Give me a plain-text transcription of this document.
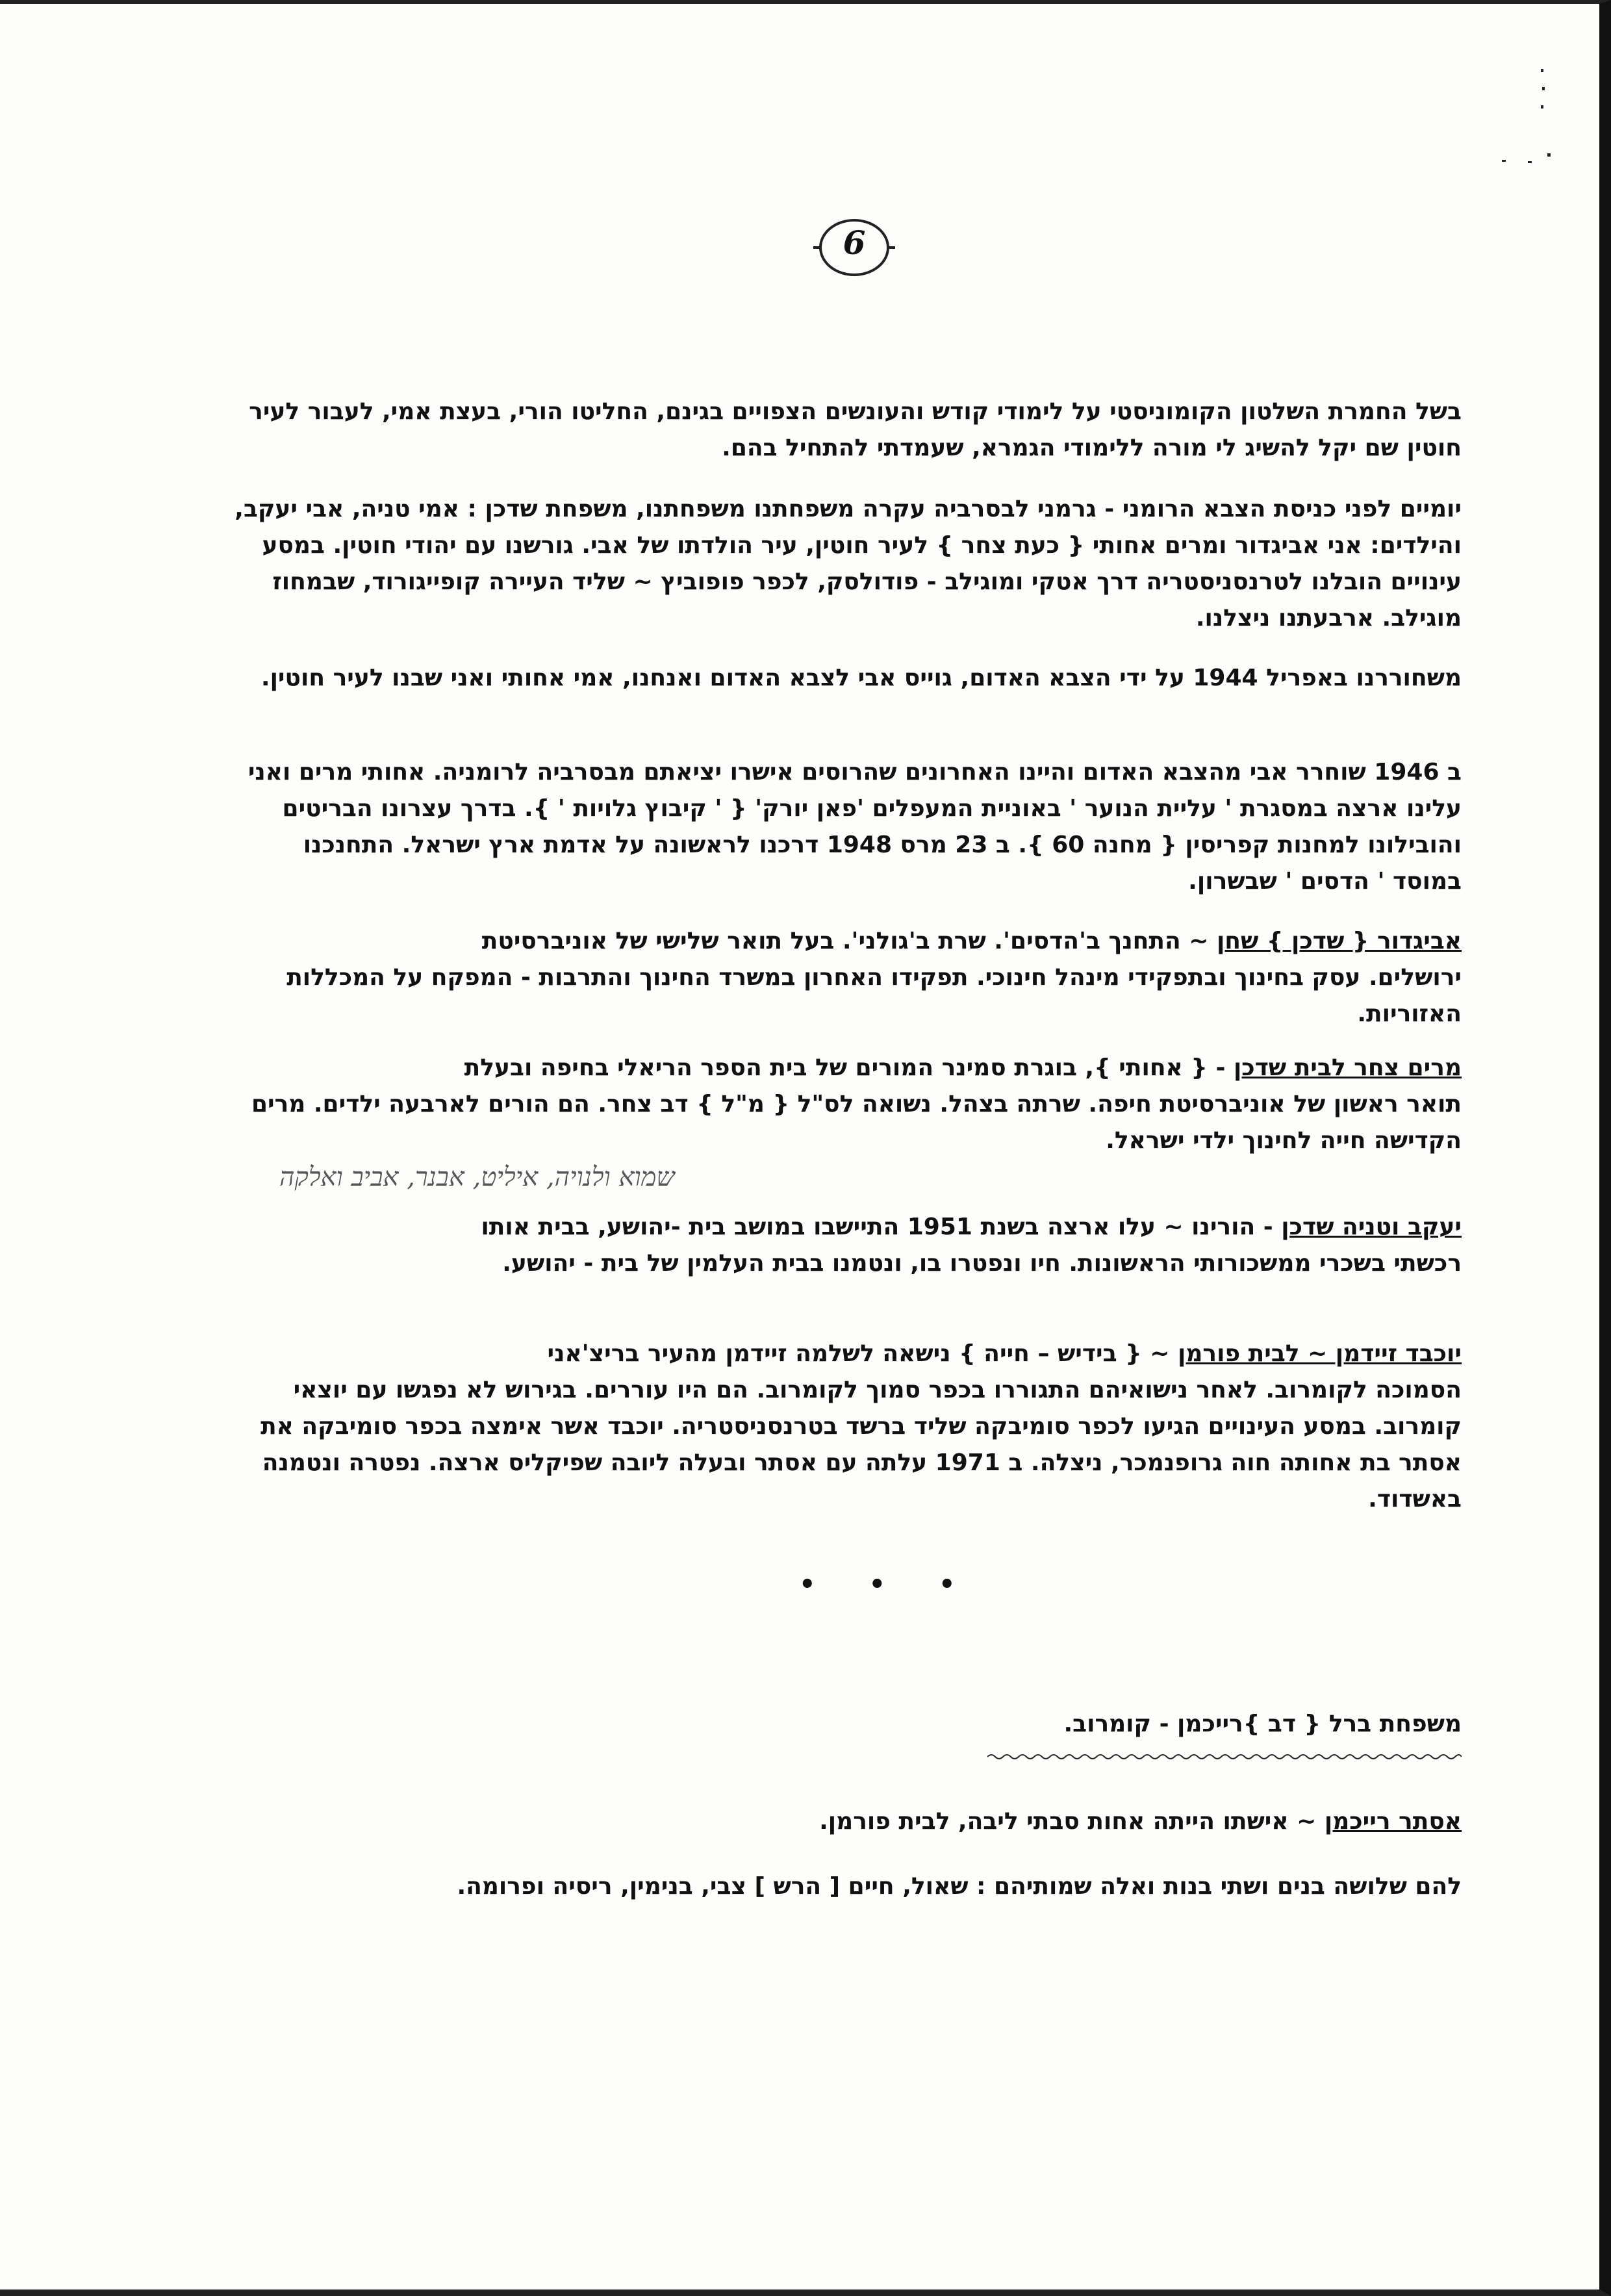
6

בשל החמרת השלטון הקומוניסטי על לימודי קודש והעונשים הצפויים בגינם, החליטו הורי, בעצת אמי, לעבור לעיר חוטין שם יקל להשיג לי מורה ללימודי הגמרא, שעמדתי להתחיל בהם.

יומיים לפני כניסת הצבא הרומני - גרמני לבסרביה עקרה משפחתנו משפחתנו, משפחת שדכן : אמי טניה, אבי יעקב, והילדים: אני אביגדור ומרים אחותי { כעת צחר } לעיר חוטין, עיר הולדתו של אבי. גורשנו עם יהודי חוטין. במסע עינויים הובלנו לטרנסניסטריה דרך אטקי ומוגילב - פודולסק, לכפר פופוביץ ~ שליד העיירה קופייגורוד, שבמחוז מוגילב. ארבעתנו ניצלנו.

משחוררנו באפריל 1944 על ידי הצבא האדום, גוייס אבי לצבא האדום ואנחנו, אמי אחותי ואני שבנו לעיר חוטין.

ב 1946 שוחרר אבי מהצבא האדום והיינו האחרונים שהרוסים אישרו יציאתם מבסרביה לרומניה. אחותי מרים ואני עלינו ארצה במסגרת ' עליית הנוער ' באוניית המעפלים 'פאן יורק' { ' קיבוץ גלויות ' }. בדרך עצרונו הבריטים והובילונו למחנות קפריסין { מחנה 60 }. ב 23 מרס 1948 דרכנו לראשונה על אדמת ארץ ישראל. התחנכנו במוסד ' הדסים ' שבשרון.

אביגדור { שדכן } שחן ~ התחנך ב'הדסים'. שרת ב'גולני'. בעל תואר שלישי של אוניברסיטת

ירושלים. עסק בחינוך ובתפקידי מינהל חינוכי. תפקידו האחרון במשרד החינוך והתרבות - המפקח על המכללות האזוריות.

מרים צחר לבית שדכן - { אחותי }, בוגרת סמינר המורים של בית הספר הריאלי בחיפה ובעלת

תואר ראשון של אוניברסיטת חיפה. שרתה בצהל. נשואה לס"ל { מ"ל } דב צחר. הם הורים לארבעה ילדים. מרים הקדישה חייה לחינוך ילדי ישראל.

שמוא ולנויה, איליט, אבנר, אביב ואלקה

יעקב וטניה שדכן - הורינו ~ עלו ארצה בשנת 1951 התיישבו במושב בית -יהושע, בבית אותו

רכשתי בשכרי ממשכורותי הראשונות. חיו ונפטרו בו, ונטמנו בבית העלמין של בית - יהושע.

יוכבד זיידמן ~ לבית פורמן ~ { בידיש – חייה } נישאה לשלמה זיידמן מהעיר בריצ'אני

הסמוכה לקומרוב. לאחר נישואיהם התגוררו בכפר סמוך לקומרוב. הם היו עוררים. בגירוש לא נפגשו עם יוצאי קומרוב. במסע העינויים הגיעו לכפר סומיבקה שליד ברשד בטרנסניסטריה. יוכבד אשר אימצה בכפר סומיבקה את אסתר בת אחותה חוה גרופנמכר, ניצלה. ב 1971 עלתה עם אסתר ובעלה ליובה שפיקליס ארצה. נפטרה ונטמנה באשדוד.

משפחת ברל { דב }רייכמן - קומרוב.

אסתר רייכמן ~ אישתו הייתה אחות סבתי ליבה, לבית פורמן.

להם שלושה בנים ושתי בנות ואלה שמותיהם : שאול, חיים [ הרש ] צבי, בנימין, ריסיה ופרומה.

• • •
